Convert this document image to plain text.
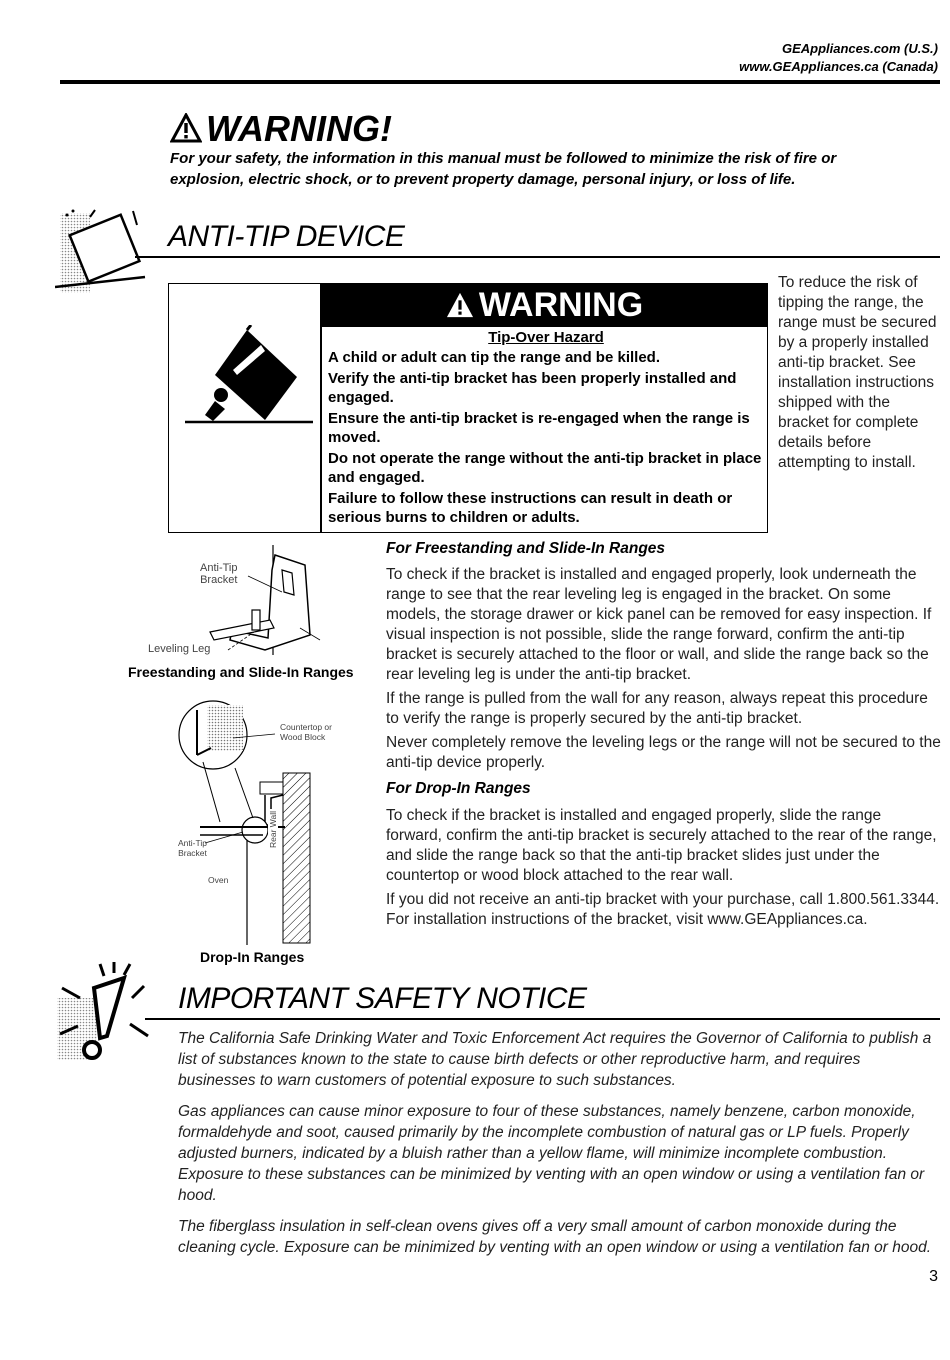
GEAppliances.com (U.S.)
www.GEAppliances.ca (Canada)
WARNING!
For your safety, the information in this manual must be followed to minimize the risk of fire or explosion, electric shock, or to prevent property damage, personal injury, or loss of life.
ANTI-TIP DEVICE
WARNING
Tip-Over Hazard

A child or adult can tip the range and be killed.

Verify the anti-tip bracket has been properly installed and engaged.

Ensure the anti-tip bracket is re-engaged when the range is moved.

Do not operate the range without the anti-tip bracket in place and engaged.

Failure to follow these instructions can result in death or serious burns to children or adults.

To reduce the risk of tipping the range, the range must be secured by a properly installed anti-tip bracket. See installation instructions shipped with the bracket for complete details before attempting to install.
Anti-Tip
Bracket
Leveling Leg
Freestanding and Slide-In Ranges
Countertop or
Wood Block
Anti-Tip
Bracket
Oven
Rear Wall
Drop-In Ranges
For Freestanding and Slide-In Ranges

To check if the bracket is installed and engaged properly, look underneath the range to see that the rear leveling leg is engaged in the bracket. On some models, the storage drawer or kick panel can be removed for easy inspection. If visual inspection is not possible, slide the range forward, confirm the anti-tip bracket is securely attached to the floor or wall, and slide the range back so the rear leveling leg is under the anti-tip bracket.

If the range is pulled from the wall for any reason, always repeat this procedure to verify the range is properly secured by the anti-tip bracket.

Never completely remove the leveling legs or the range will not be secured to the anti-tip device properly.

For Drop-In Ranges

To check if the bracket is installed and engaged properly, slide the range forward, confirm the anti-tip bracket is securely attached to the rear of the range, and slide the range back so that the anti-tip bracket slides just under the countertop or wood block attached to the rear wall.

If you did not receive an anti-tip bracket with your purchase, call 1.800.561.3344. For installation instructions of the bracket, visit www.GEAppliances.ca.

IMPORTANT SAFETY NOTICE

The California Safe Drinking Water and Toxic Enforcement Act requires the Governor of California to publish a list of substances known to the state to cause birth defects or other reproductive harm, and requires businesses to warn customers of potential exposure to such substances.

Gas appliances can cause minor exposure to four of these substances, namely benzene, carbon monoxide, formaldehyde and soot, caused primarily by the incomplete combustion of natural gas or LP fuels. Properly adjusted burners, indicated by a bluish rather than a yellow flame, will minimize incomplete combustion. Exposure to these substances can be minimized by venting with an open window or using a ventilation fan or hood.

The fiberglass insulation in self-clean ovens gives off a very small amount of carbon monoxide during the cleaning cycle. Exposure can be minimized by venting with an open window or using a ventilation fan or hood.

3
